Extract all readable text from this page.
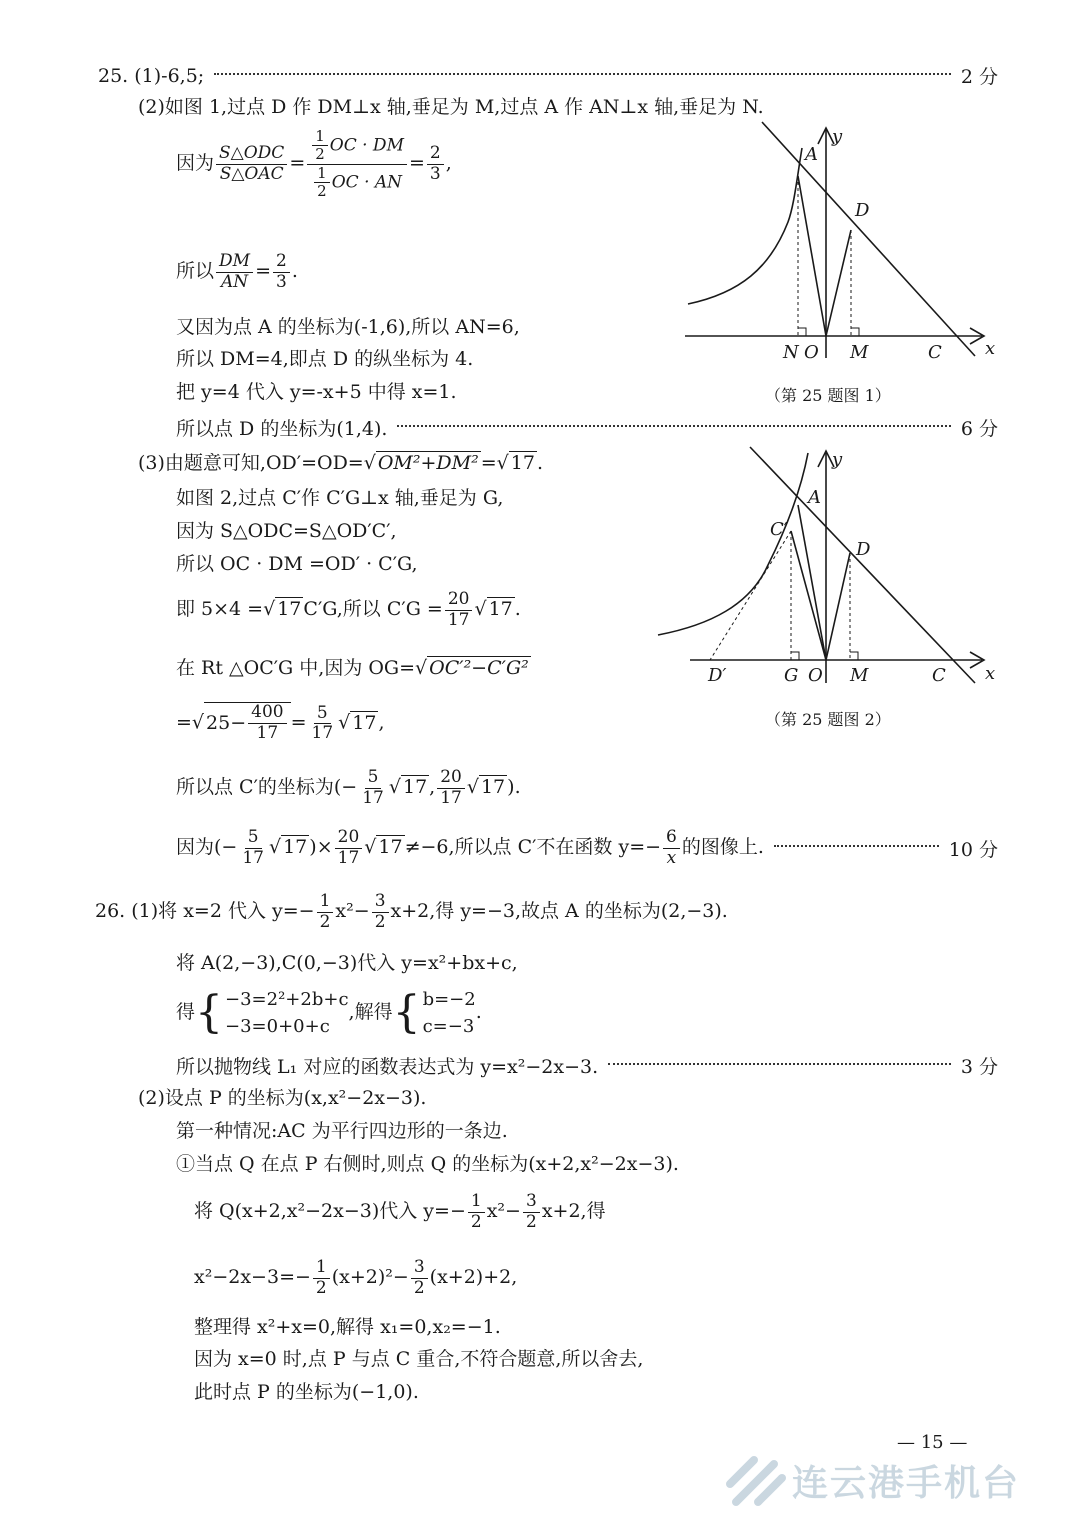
25. (1)-6,5;	2 分
(2)如图 1,过点 D 作 DM⊥x 轴,垂足为 M,过点 A 作 AN⊥x 轴,垂足为 N.
因为 $\frac{\text{S△ODC}}{\text{S△OAC}} = \frac{\frac{1}{2} OC \cdot DM}{\frac{1}{2} OC \cdot AN} = \frac{2}{3}$ ,
所以 $\frac{DM}{AN} = \frac{2}{3}$ .
又因为点 A 的坐标为(-1,6),所以 AN=6,
所以 DM=4,即点 D 的纵坐标为 4.
把 y=4 代入 y=-x+5 中得 x=1.
所以点 D 的坐标为(1,4).	6 分
A
y
D
N O M	C x
（第 25 题图 1）
(3)由题意可知,OD′=OD=√ OM²+DM² =√ 17 .
如图 2,过点 C′作 C′G⊥x 轴,垂足为 G,
因为 S△ODC=S△OD′C′,
所以 OC · DM =OD′ · C′G,
即 5×4 =√ 17 C′G,所以 $C'G = \frac{20}{17}$ √ 17 .
在 Rt △OC′G 中,因为 OG=√ OC′²−C′G²
=√ $25- \frac{400}{17} = \frac{5}{17}$ √ 17 ,
所以点 C′的坐标为(− $\frac{5}{17}$ √ 17 , $\frac{20}{17}$ √ 17 ).
因为(− $\frac{5}{17}$ √ 17 )× $\frac{20}{17}$ √ 17 ≠−6,所以点 C′不在函数 $y=- \frac{6}{x}$ 的图像上.	10 分
A
y
D
C′
D′	G O M	C x
（第 25 题图 2）
26. (1)将 x=2 代入 $y=- \frac{1}{2} x^2- \frac{3}{2} x+2$,得 y=−3,故点 A 的坐标为(2,−3).
将 A(2,−3),C(0,−3)代入 y=x²+bx+c,
得 { −3=2²+2b+c
−3=0+0+c
,解得 { b=−2
c=−3
.
所以抛物线 L₁ 对应的函数表达式为 y=x²−2x−3.	3 分
(2)设点 P 的坐标为(x,x²−2x−3).
第一种情况:AC 为平行四边形的一条边.
①当点 Q 在点 P 右侧时,则点 Q 的坐标为(x+2,x²−2x−3).
将 Q(x+2,x²−2x−3)代入 $y=- \frac{1}{2} x^2- \frac{3}{2} x+2$,得
$x^2-2x-3=- \frac{1}{2} (x+2)^2- \frac{3}{2} (x+2)+2$,
整理得 x²+x=0,解得 x₁=0,x₂=−1.
因为 x=0 时,点 P 与点 C 重合,不符合题意,所以舍去,
此时点 P 的坐标为(−1,0).
— 15 —
连云港手机台
